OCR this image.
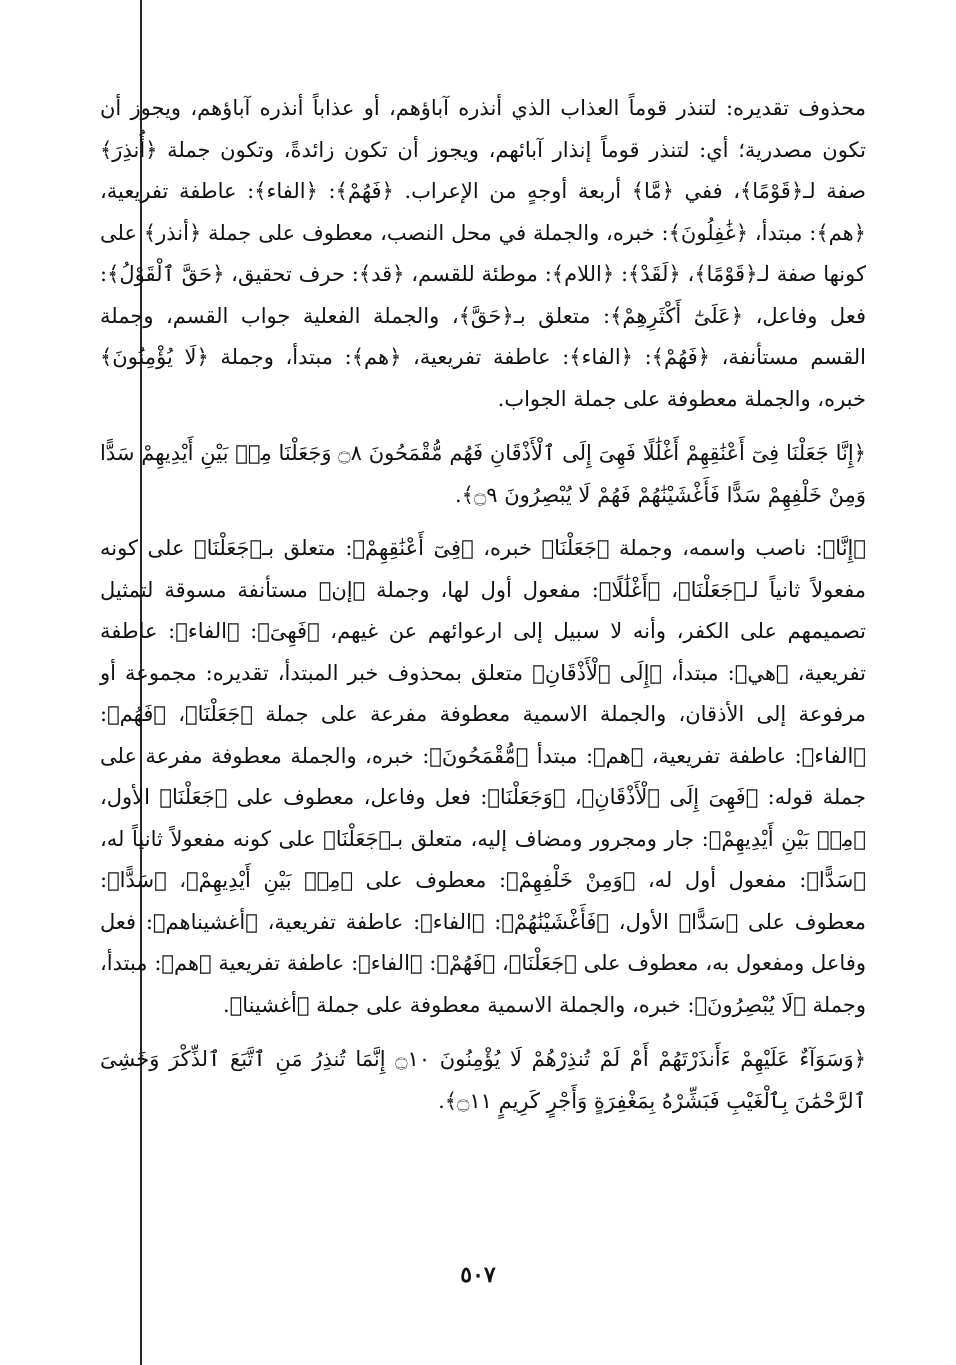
محذوف تقديره: لتنذر قوماً العذاب الذي أنذره آباؤهم، أو عذاباً أنذره آباؤهم، ويجوز أن تكون مصدرية؛ أي: لتنذر قوماً إنذار آبائهم، ويجوز أن تكون زائدةً، وتكون جملة ﴿أُنذِرَ﴾ صفة لـ﴿قَوْمًا﴾، ففي ﴿مَّا﴾ أربعة أوجهٍ من الإعراب. ﴿فَهُمْ﴾: ﴿الفاء﴾: عاطفة تفريعية، ﴿هم﴾: مبتدأ، ﴿غَٰفِلُونَ﴾: خبره، والجملة في محل النصب، معطوف على جملة ﴿أنذر﴾ على كونها صفة لـ﴿قَوْمًا﴾، ﴿لَقَدْ﴾: ﴿اللام﴾: موطئة للقسم، ﴿قد﴾: حرف تحقيق، ﴿حَقَّ ٱلْقَوْلُ﴾: فعل وفاعل، ﴿عَلَىٰٓ أَكْثَرِهِمْ﴾: متعلق بـ﴿حَقَّ﴾، والجملة الفعلية جواب القسم، وجملة القسم مستأنفة، ﴿فَهُمْ﴾: ﴿الفاء﴾: عاطفة تفريعية، ﴿هم﴾: مبتدأ، وجملة ﴿لَا يُؤْمِنُونَ﴾ خبره، والجملة معطوفة على جملة الجواب.

﴿إِنَّا جَعَلْنَا فِىٓ أَعْنَٰقِهِمْ أَغْلَٰلًا فَهِىَ إِلَى ٱلْأَذْقَانِ فَهُم مُّقْمَحُونَ ۝٨ وَجَعَلْنَا مِنۢ بَيْنِ أَيْدِيهِمْ سَدًّا وَمِنْ خَلْفِهِمْ سَدًّا فَأَغْشَيْنَٰهُمْ فَهُمْ لَا يُبْصِرُونَ ۝٩﴾.

﴿إِنَّا﴾: ناصب واسمه، وجملة ﴿جَعَلْنَا﴾ خبره، ﴿فِىٓ أَعْنَٰقِهِمْ﴾: متعلق بـ﴿جَعَلْنَا﴾ على كونه مفعولاً ثانياً لـ﴿جَعَلْنَا﴾، ﴿أَغْلَٰلًا﴾: مفعول أول لها، وجملة ﴿إن﴾ مستأنفة مسوقة لتمثيل تصميمهم على الكفر، وأنه لا سبيل إلى ارعوائهم عن غيهم، ﴿فَهِىَ﴾: ﴿الفاء﴾: عاطفة تفريعية، ﴿هي﴾: مبتدأ، ﴿إِلَى ٱلْأَذْقَانِ﴾ متعلق بمحذوف خبر المبتدأ، تقديره: مجموعة أو مرفوعة إلى الأذقان، والجملة الاسمية معطوفة مفرعة على جملة ﴿جَعَلْنَا﴾، ﴿فَهُم﴾: ﴿الفاء﴾: عاطفة تفريعية، ﴿هم﴾: مبتدأ ﴿مُّقْمَحُونَ﴾: خبره، والجملة معطوفة مفرعة على جملة قوله: ﴿فَهِىَ إِلَى ٱلْأَذْقَانِ﴾، ﴿وَجَعَلْنَا﴾: فعل وفاعل، معطوف على ﴿جَعَلْنَا﴾ الأول، ﴿مِنۢ بَيْنِ أَيْدِيهِمْ﴾: جار ومجرور ومضاف إليه، متعلق بـ﴿جَعَلْنَا﴾ على كونه مفعولاً ثانياً له، ﴿سَدًّا﴾: مفعول أول له، ﴿وَمِنْ خَلْفِهِمْ﴾: معطوف على ﴿مِنۢ بَيْنِ أَيْدِيهِمْ﴾، ﴿سَدًّا﴾: معطوف على ﴿سَدًّا﴾ الأول، ﴿فَأَغْشَيْنَٰهُمْ﴾: ﴿الفاء﴾: عاطفة تفريعية، ﴿أغشيناهم﴾: فعل وفاعل ومفعول به، معطوف على ﴿جَعَلْنَا﴾، ﴿فَهُمْ﴾: ﴿الفاء﴾: عاطفة تفريعية ﴿هم﴾: مبتدأ، وجملة ﴿لَا يُبْصِرُونَ﴾: خبره، والجملة الاسمية معطوفة على جملة ﴿أغشينا﴾.

﴿وَسَوَآءٌ عَلَيْهِمْ ءَأَنذَرْتَهُمْ أَمْ لَمْ تُنذِرْهُمْ لَا يُؤْمِنُونَ ۝١٠ إِنَّمَا تُنذِرُ مَنِ ٱتَّبَعَ ٱلذِّكْرَ وَخَشِىَ ٱلرَّحْمَٰنَ بِٱلْغَيْبِ فَبَشِّرْهُ بِمَغْفِرَةٍ وَأَجْرٍ كَرِيمٍ ۝١١﴾.

٥٠٧
